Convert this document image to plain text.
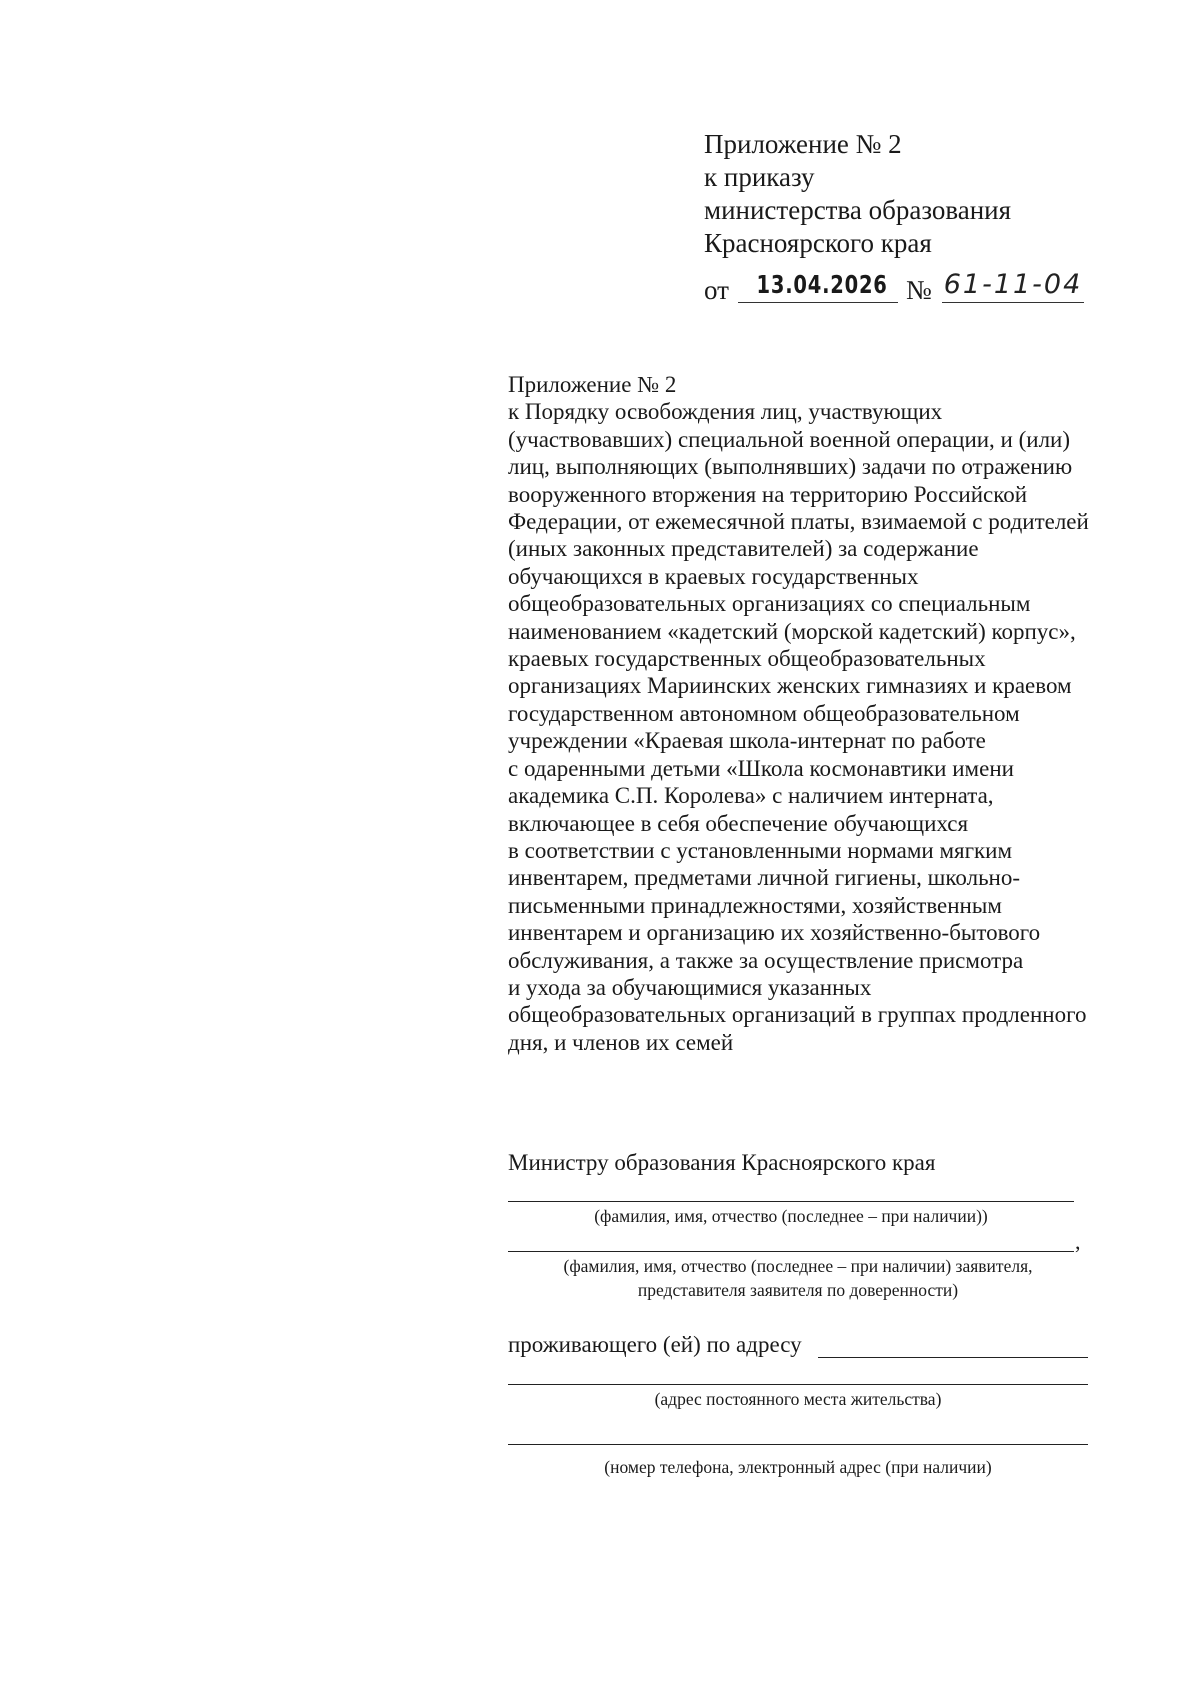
Приложение № 2
к приказу
министерства образования
Красноярского края
от	13.04.2026 № 61-11-04
Приложение № 2
к Порядку освобождения лиц, участвующих
(участвовавших) специальной военной операции, и (или)
лиц, выполняющих (выполнявших) задачи по отражению
вооруженного вторжения на территорию Российской
Федерации, от ежемесячной платы, взимаемой с родителей
(иных законных представителей) за содержание
обучающихся в краевых государственных
общеобразовательных организациях со специальным
наименованием «кадетский (морской кадетский) корпус»,
краевых государственных общеобразовательных
организациях Мариинских женских гимназиях и краевом
государственном автономном общеобразовательном
учреждении «Краевая школа-интернат по работе
с одаренными детьми «Школа космонавтики имени
академика С.П. Королева» с наличием интерната,
включающее в себя обеспечение обучающихся
в соответствии с установленными нормами мягким
инвентарем, предметами личной гигиены, школьно-
письменными принадлежностями, хозяйственным
инвентарем и организацию их хозяйственно-бытового
обслуживания, а также за осуществление присмотра
и ухода за обучающимися указанных
общеобразовательных организаций в группах продленного
дня, и членов их семей
Министру образования Красноярского края
(фамилия, имя, отчество (последнее – при наличии))
,
(фамилия, имя, отчество (последнее – при наличии) заявителя,
представителя заявителя по доверенности)
проживающего (ей) по адресу
(адрес постоянного места жительства)
(номер телефона, электронный адрес (при наличии)
